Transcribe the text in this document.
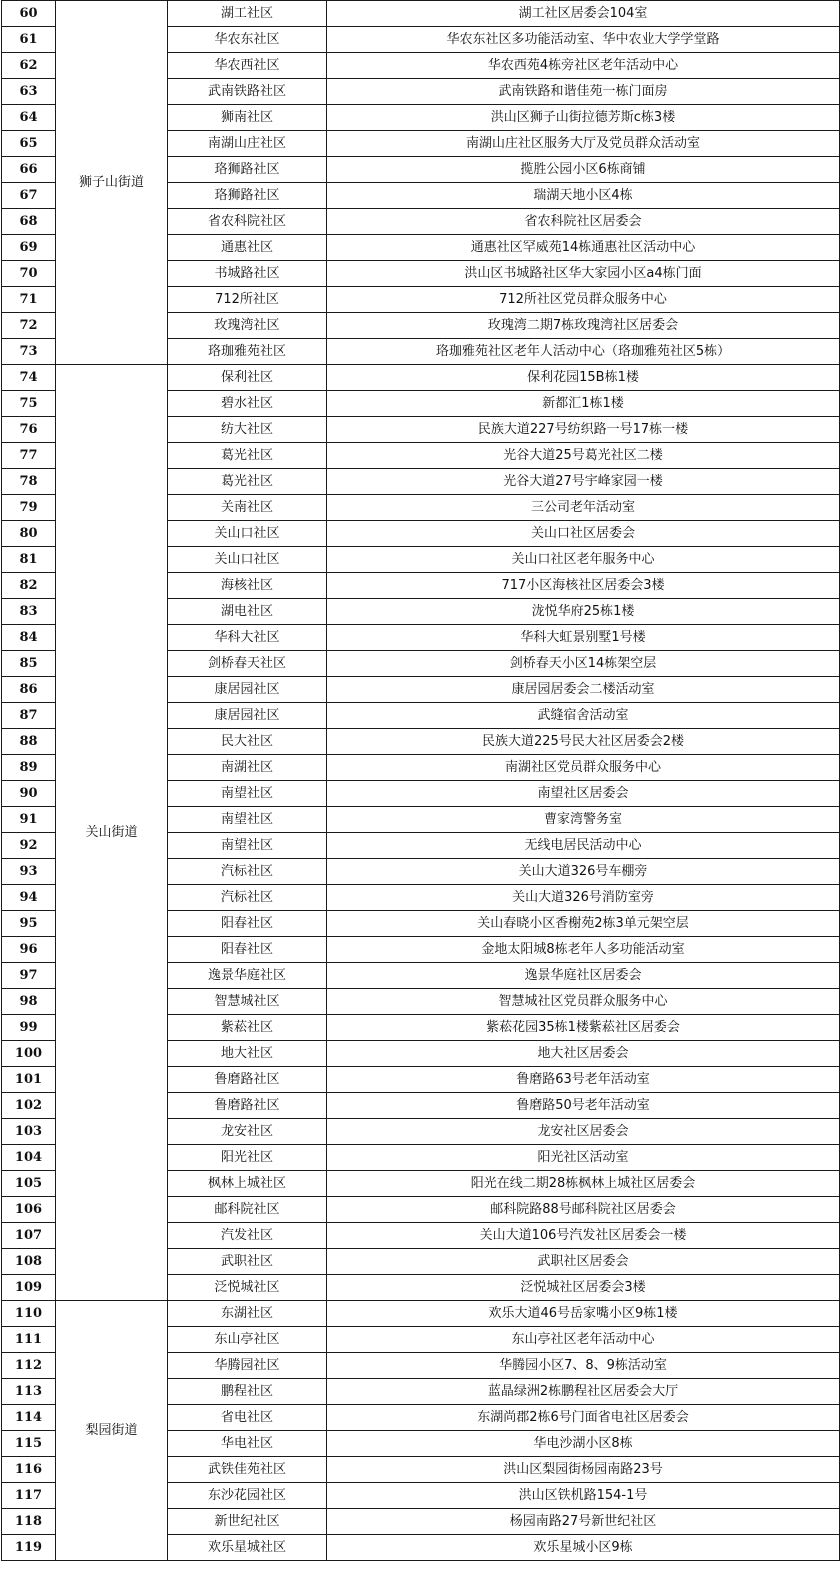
60	狮子山街道	湖工社区	湖工社区居委会104室
61		华农东社区	华农东社区多功能活动室、华中农业大学学堂路
62		华农西社区	华农西苑4栋旁社区老年活动中心
63		武南铁路社区	武南铁路和谐佳苑一栋门面房
64		狮南社区	洪山区狮子山街拉德芳斯c栋3楼
65		南湖山庄社区	南湖山庄社区服务大厅及党员群众活动室
66		珞狮路社区	揽胜公园小区6栋商铺
67		珞狮路社区	瑞湖天地小区4栋
68		省农科院社区	省农科院社区居委会
69		通惠社区	通惠社区罕威苑14栋通惠社区活动中心
70		书城路社区	洪山区书城路社区华大家园小区a4栋门面
71		712所社区	712所社区党员群众服务中心
72		玫瑰湾社区	玫瑰湾二期7栋玫瑰湾社区居委会
73		珞珈雅苑社区	珞珈雅苑社区老年人活动中心（珞珈雅苑社区5栋）
74	关山街道	保利社区	保利花园15B栋1楼
75		碧水社区	新都汇1栋1楼
76		纺大社区	民族大道227号纺织路一号17栋一楼
77		葛光社区	光谷大道25号葛光社区二楼
78		葛光社区	光谷大道27号宇峰家园一楼
79		关南社区	三公司老年活动室
80		关山口社区	关山口社区居委会
81		关山口社区	关山口社区老年服务中心
82		海核社区	717小区海核社区居委会3楼
83		湖电社区	泷悦华府25栋1楼
84		华科大社区	华科大虹景别墅1号楼
85		剑桥春天社区	剑桥春天小区14栋架空层
86		康居园社区	康居园居委会二楼活动室
87		康居园社区	武缝宿舍活动室
88		民大社区	民族大道225号民大社区居委会2楼
89		南湖社区	南湖社区党员群众服务中心
90		南望社区	南望社区居委会
91		南望社区	曹家湾警务室
92		南望社区	无线电居民活动中心
93		汽标社区	关山大道326号车棚旁
94		汽标社区	关山大道326号消防室旁
95		阳春社区	关山春晓小区香榭苑2栋3单元架空层
96		阳春社区	金地太阳城8栋老年人多功能活动室
97		逸景华庭社区	逸景华庭社区居委会
98		智慧城社区	智慧城社区党员群众服务中心
99		紫菘社区	紫菘花园35栋1楼紫菘社区居委会
100		地大社区	地大社区居委会
101		鲁磨路社区	鲁磨路63号老年活动室
102		鲁磨路社区	鲁磨路50号老年活动室
103		龙安社区	龙安社区居委会
104		阳光社区	阳光社区活动室
105		枫林上城社区	阳光在线二期28栋枫林上城社区居委会
106		邮科院社区	邮科院路88号邮科院社区居委会
107		汽发社区	关山大道106号汽发社区居委会一楼
108		武职社区	武职社区居委会
109		泛悦城社区	泛悦城社区居委会3楼
110	梨园街道	东湖社区	欢乐大道46号岳家嘴小区9栋1楼
111		东山亭社区	东山亭社区老年活动中心
112		华腾园社区	华腾园小区7、8、9栋活动室
113		鹏程社区	蓝晶绿洲2栋鹏程社区居委会大厅
114		省电社区	东湖尚郡2栋6号门面省电社区居委会
115		华电社区	华电沙湖小区8栋
116		武铁佳苑社区	洪山区梨园街杨园南路23号
117		东沙花园社区	洪山区铁机路154-1号
118		新世纪社区	杨园南路27号新世纪社区
119		欢乐星城社区	欢乐星城小区9栋
